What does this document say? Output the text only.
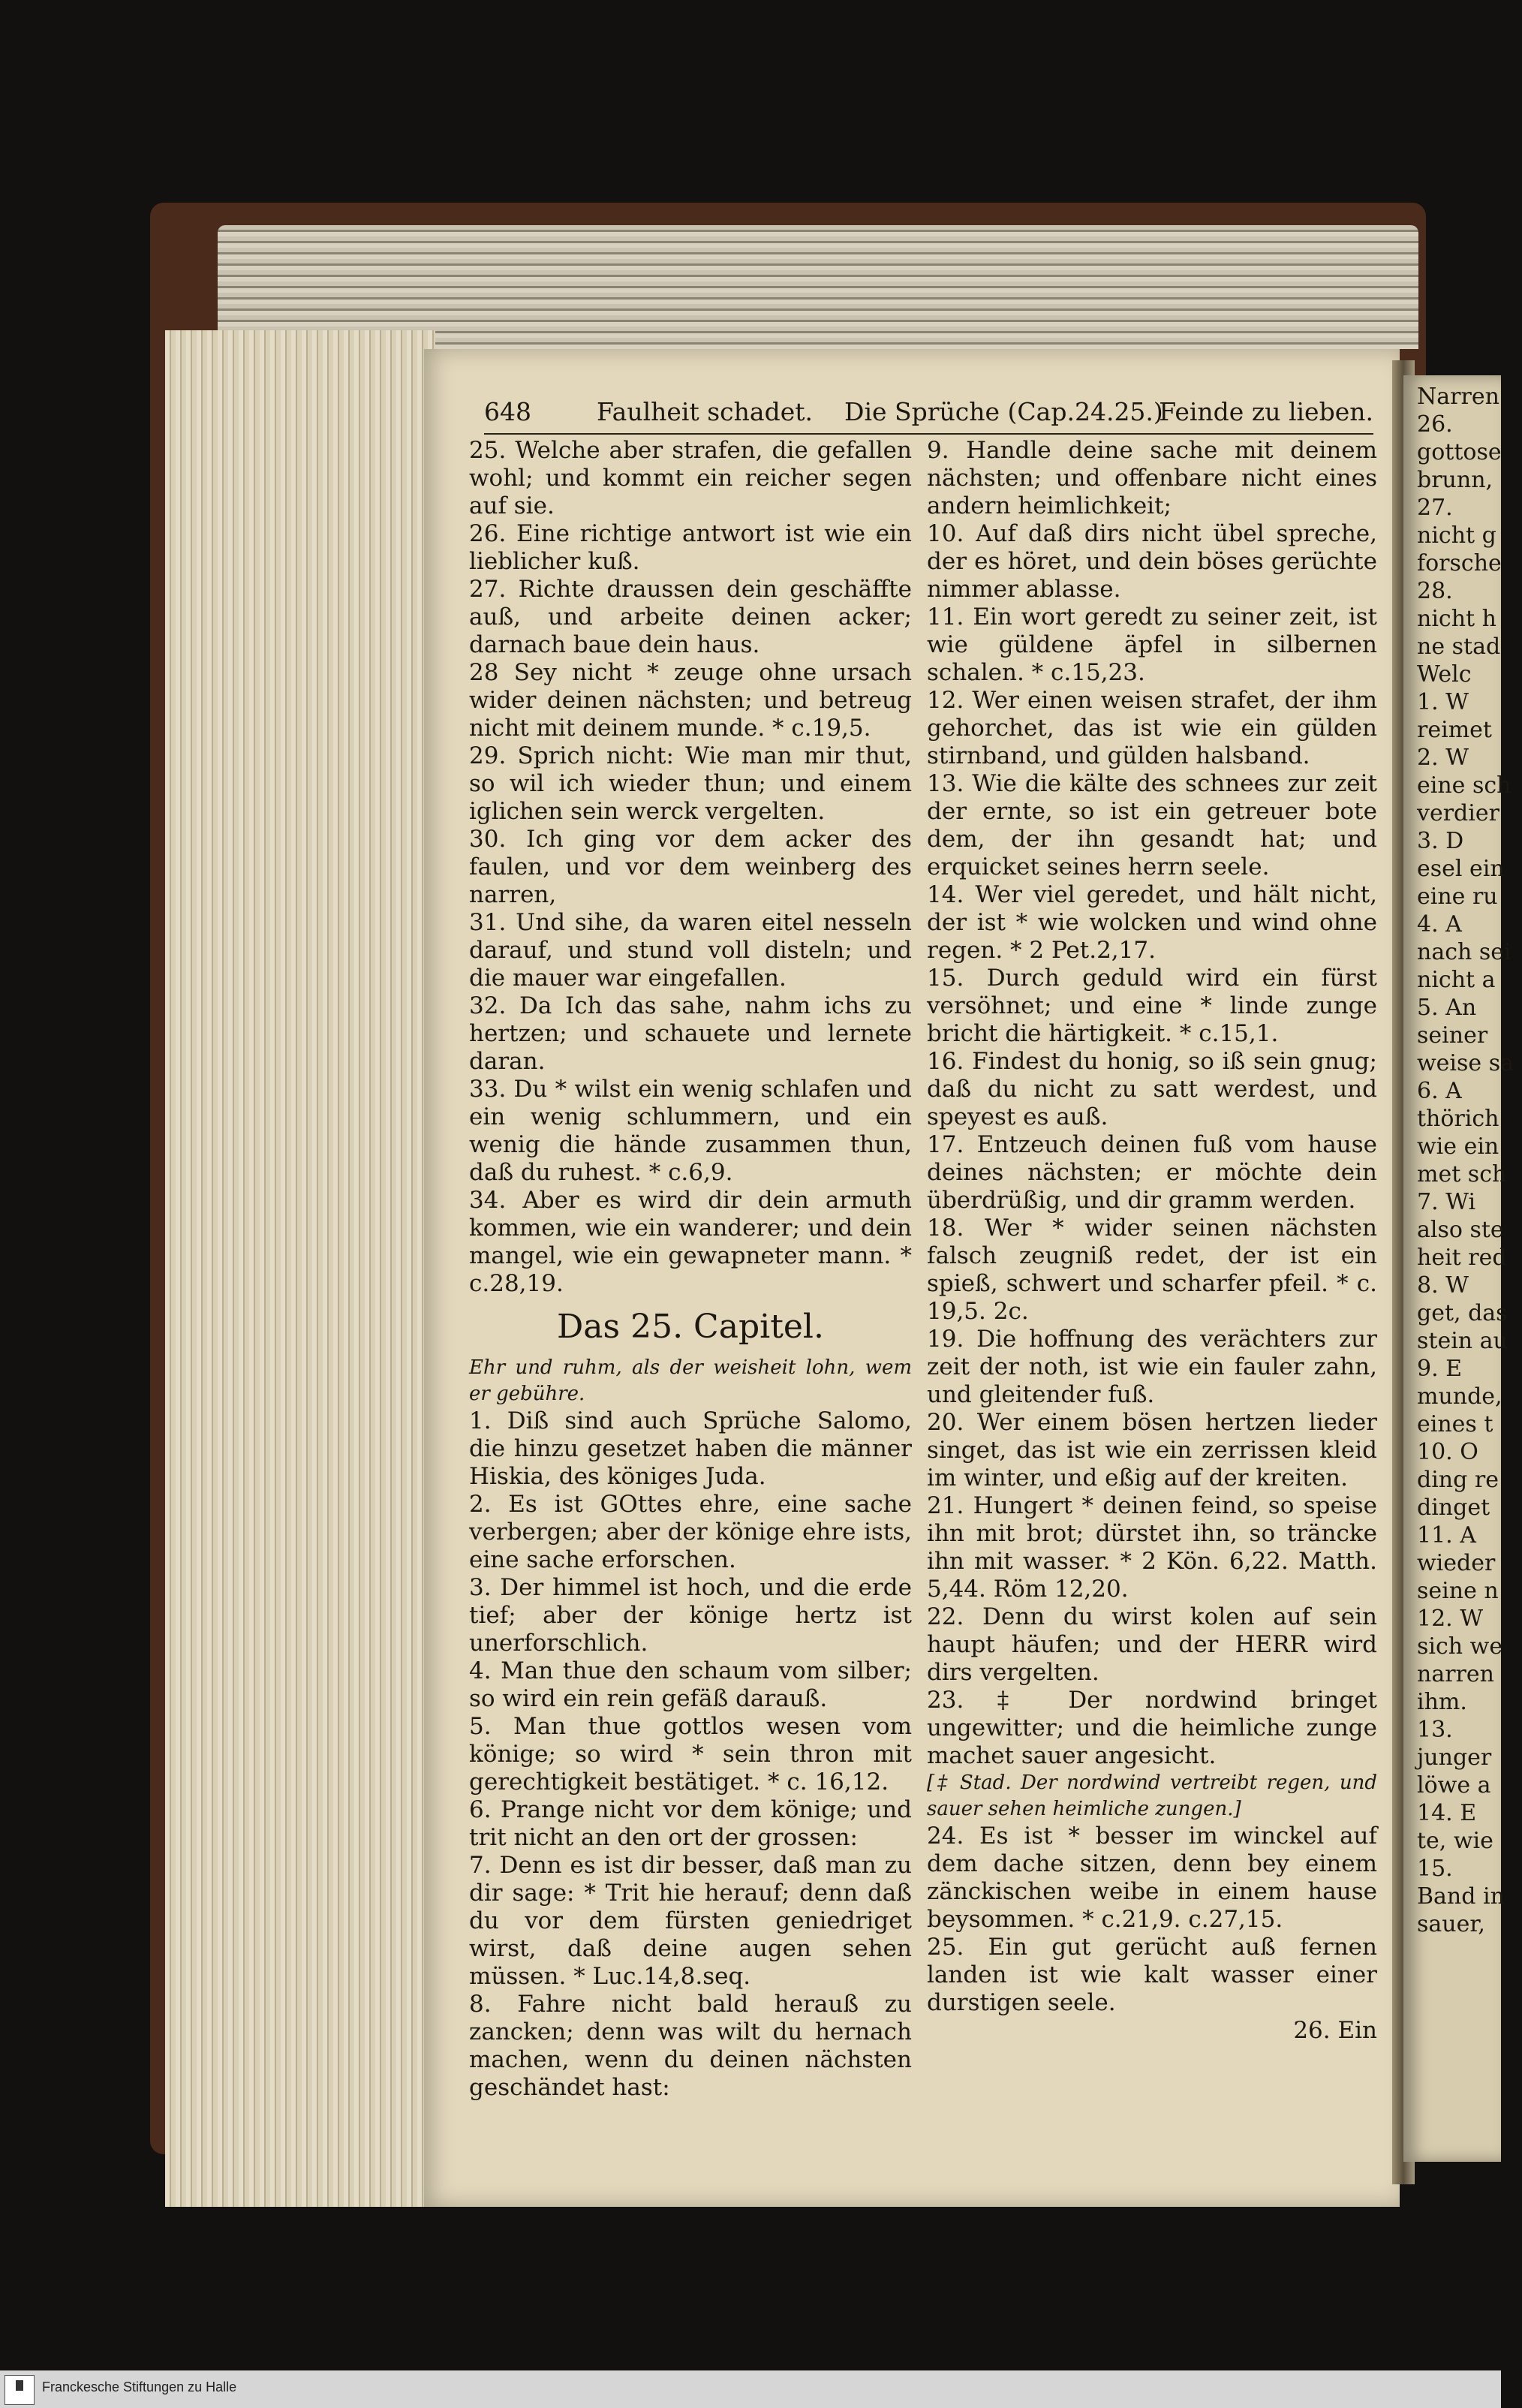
648	Faulheit schadet. Die Sprüche (Cap.24.25.)
Feinde zu lieben.

25. Welche aber strafen, die gefallen wohl; und kommt ein reicher segen auf sie.

26. Eine richtige antwort ist wie ein lieblicher kuß.

27. Richte draussen dein geschäffte auß, und arbeite deinen acker; darnach baue dein haus.

28 Sey nicht * zeuge ohne ursach wider deinen nächsten; und betreug nicht mit deinem munde. * c.19,5.

29. Sprich nicht: Wie man mir thut, so wil ich wieder thun; und einem iglichen sein werck vergelten.

30. Ich ging vor dem acker des faulen, und vor dem weinberg des narren,

31. Und sihe, da waren eitel nesseln darauf, und stund voll disteln; und die mauer war eingefallen.

32. Da Ich das sahe, nahm ichs zu hertzen; und schauete und lernete daran.

33. Du * wilst ein wenig schlafen und ein wenig schlummern, und ein wenig die hände zusammen thun, daß du ruhest. * c.6,9.

34. Aber es wird dir dein armuth kommen, wie ein wanderer; und dein mangel, wie ein gewapneter mann. * c.28,19.

Das 25. Capitel.

Ehr und ruhm, als der weisheit lohn, wem er gebühre.

1. Diß sind auch Sprüche Salomo, die hinzu gesetzet haben die männer Hiskia, des königes Juda.

2. Es ist GOttes ehre, eine sache verbergen; aber der könige ehre ists, eine sache erforschen.

3. Der himmel ist hoch, und die erde tief; aber der könige hertz ist unerforschlich.

4. Man thue den schaum vom silber; so wird ein rein gefäß darauß.

5. Man thue gottlos wesen vom könige; so wird * sein thron mit gerechtigkeit bestätiget. * c. 16,12.

6. Prange nicht vor dem könige; und trit nicht an den ort der grossen:

7. Denn es ist dir besser, daß man zu dir sage: * Trit hie herauf; denn daß du vor dem fürsten geniedriget wirst, daß deine augen sehen müssen. * Luc.14,8.seq.

8. Fahre nicht bald herauß zu zancken; denn was wilt du hernach machen, wenn du deinen nächsten geschändet hast:

9. Handle deine sache mit deinem nächsten; und offenbare nicht eines andern heimlichkeit;

10. Auf daß dirs nicht übel spreche, der es höret, und dein böses gerüchte nimmer ablasse.

11. Ein wort geredt zu seiner zeit, ist wie güldene äpfel in silbernen schalen. * c.15,23.

12. Wer einen weisen strafet, der ihm gehorchet, das ist wie ein gülden stirnband, und gülden halsband.

13. Wie die kälte des schnees zur zeit der ernte, so ist ein getreuer bote dem, der ihn gesandt hat; und erquicket seines herrn seele.

14. Wer viel geredet, und hält nicht, der ist * wie wolcken und wind ohne regen. * 2 Pet.2,17.

15. Durch geduld wird ein fürst versöhnet; und eine * linde zunge bricht die härtigkeit. * c.15,1.

16. Findest du honig, so iß sein gnug; daß du nicht zu satt werdest, und speyest es auß.

17. Entzeuch deinen fuß vom hause deines nächsten; er möchte dein überdrüßig, und dir gramm werden.

18. Wer * wider seinen nächsten falsch zeugniß redet, der ist ein spieß, schwert und scharfer pfeil. * c. 19,5. 2c.

19. Die hoffnung des verächters zur zeit der noth, ist wie ein fauler zahn, und gleitender fuß.

20. Wer einem bösen hertzen lieder singet, das ist wie ein zerrissen kleid im winter, und eßig auf der kreiten.

21. Hungert * deinen feind, so speise ihn mit brot; dürstet ihn, so träncke ihn mit wasser. * 2 Kön. 6,22. Matth. 5,44. Röm 12,20.

22. Denn du wirst kolen auf sein haupt häufen; und der HERR wird dirs vergelten.

23. ‡ Der nordwind bringet ungewitter; und die heimliche zunge machet sauer angesicht.

[‡ Stad. Der nordwind vertreibt regen, und sauer sehen heimliche zungen.]

24. Es ist * besser im winckel auf dem dache sitzen, denn bey einem zänckischen weibe in einem hause beysommen. * c.21,9. c.27,15.

25. Ein gut gerücht auß fernen landen ist wie kalt wasser einer durstigen seele.

26. Ein

Narren

26.

gottose

brunn,

27.

nicht g

forsche

28.

nicht h

ne stad

Welc

1. W

reimet

2. W

eine sch

verdier

3. D

esel ein

eine ru

4. A

nach sei

nicht a

5. An

seiner

weise sa

6. A

thörich

wie ein

met sch

7. Wi

also ste

heit red

8. W

get, das

stein au

9. E

munde,

eines t

10. O

ding re

dinget

11. A

wieder

seine n

12. W

sich we

narren

ihm.

13.

junger

löwe a

14. E

te, wie

15.

Band in

sauer,

Franckesche Stiftungen zu Halle
